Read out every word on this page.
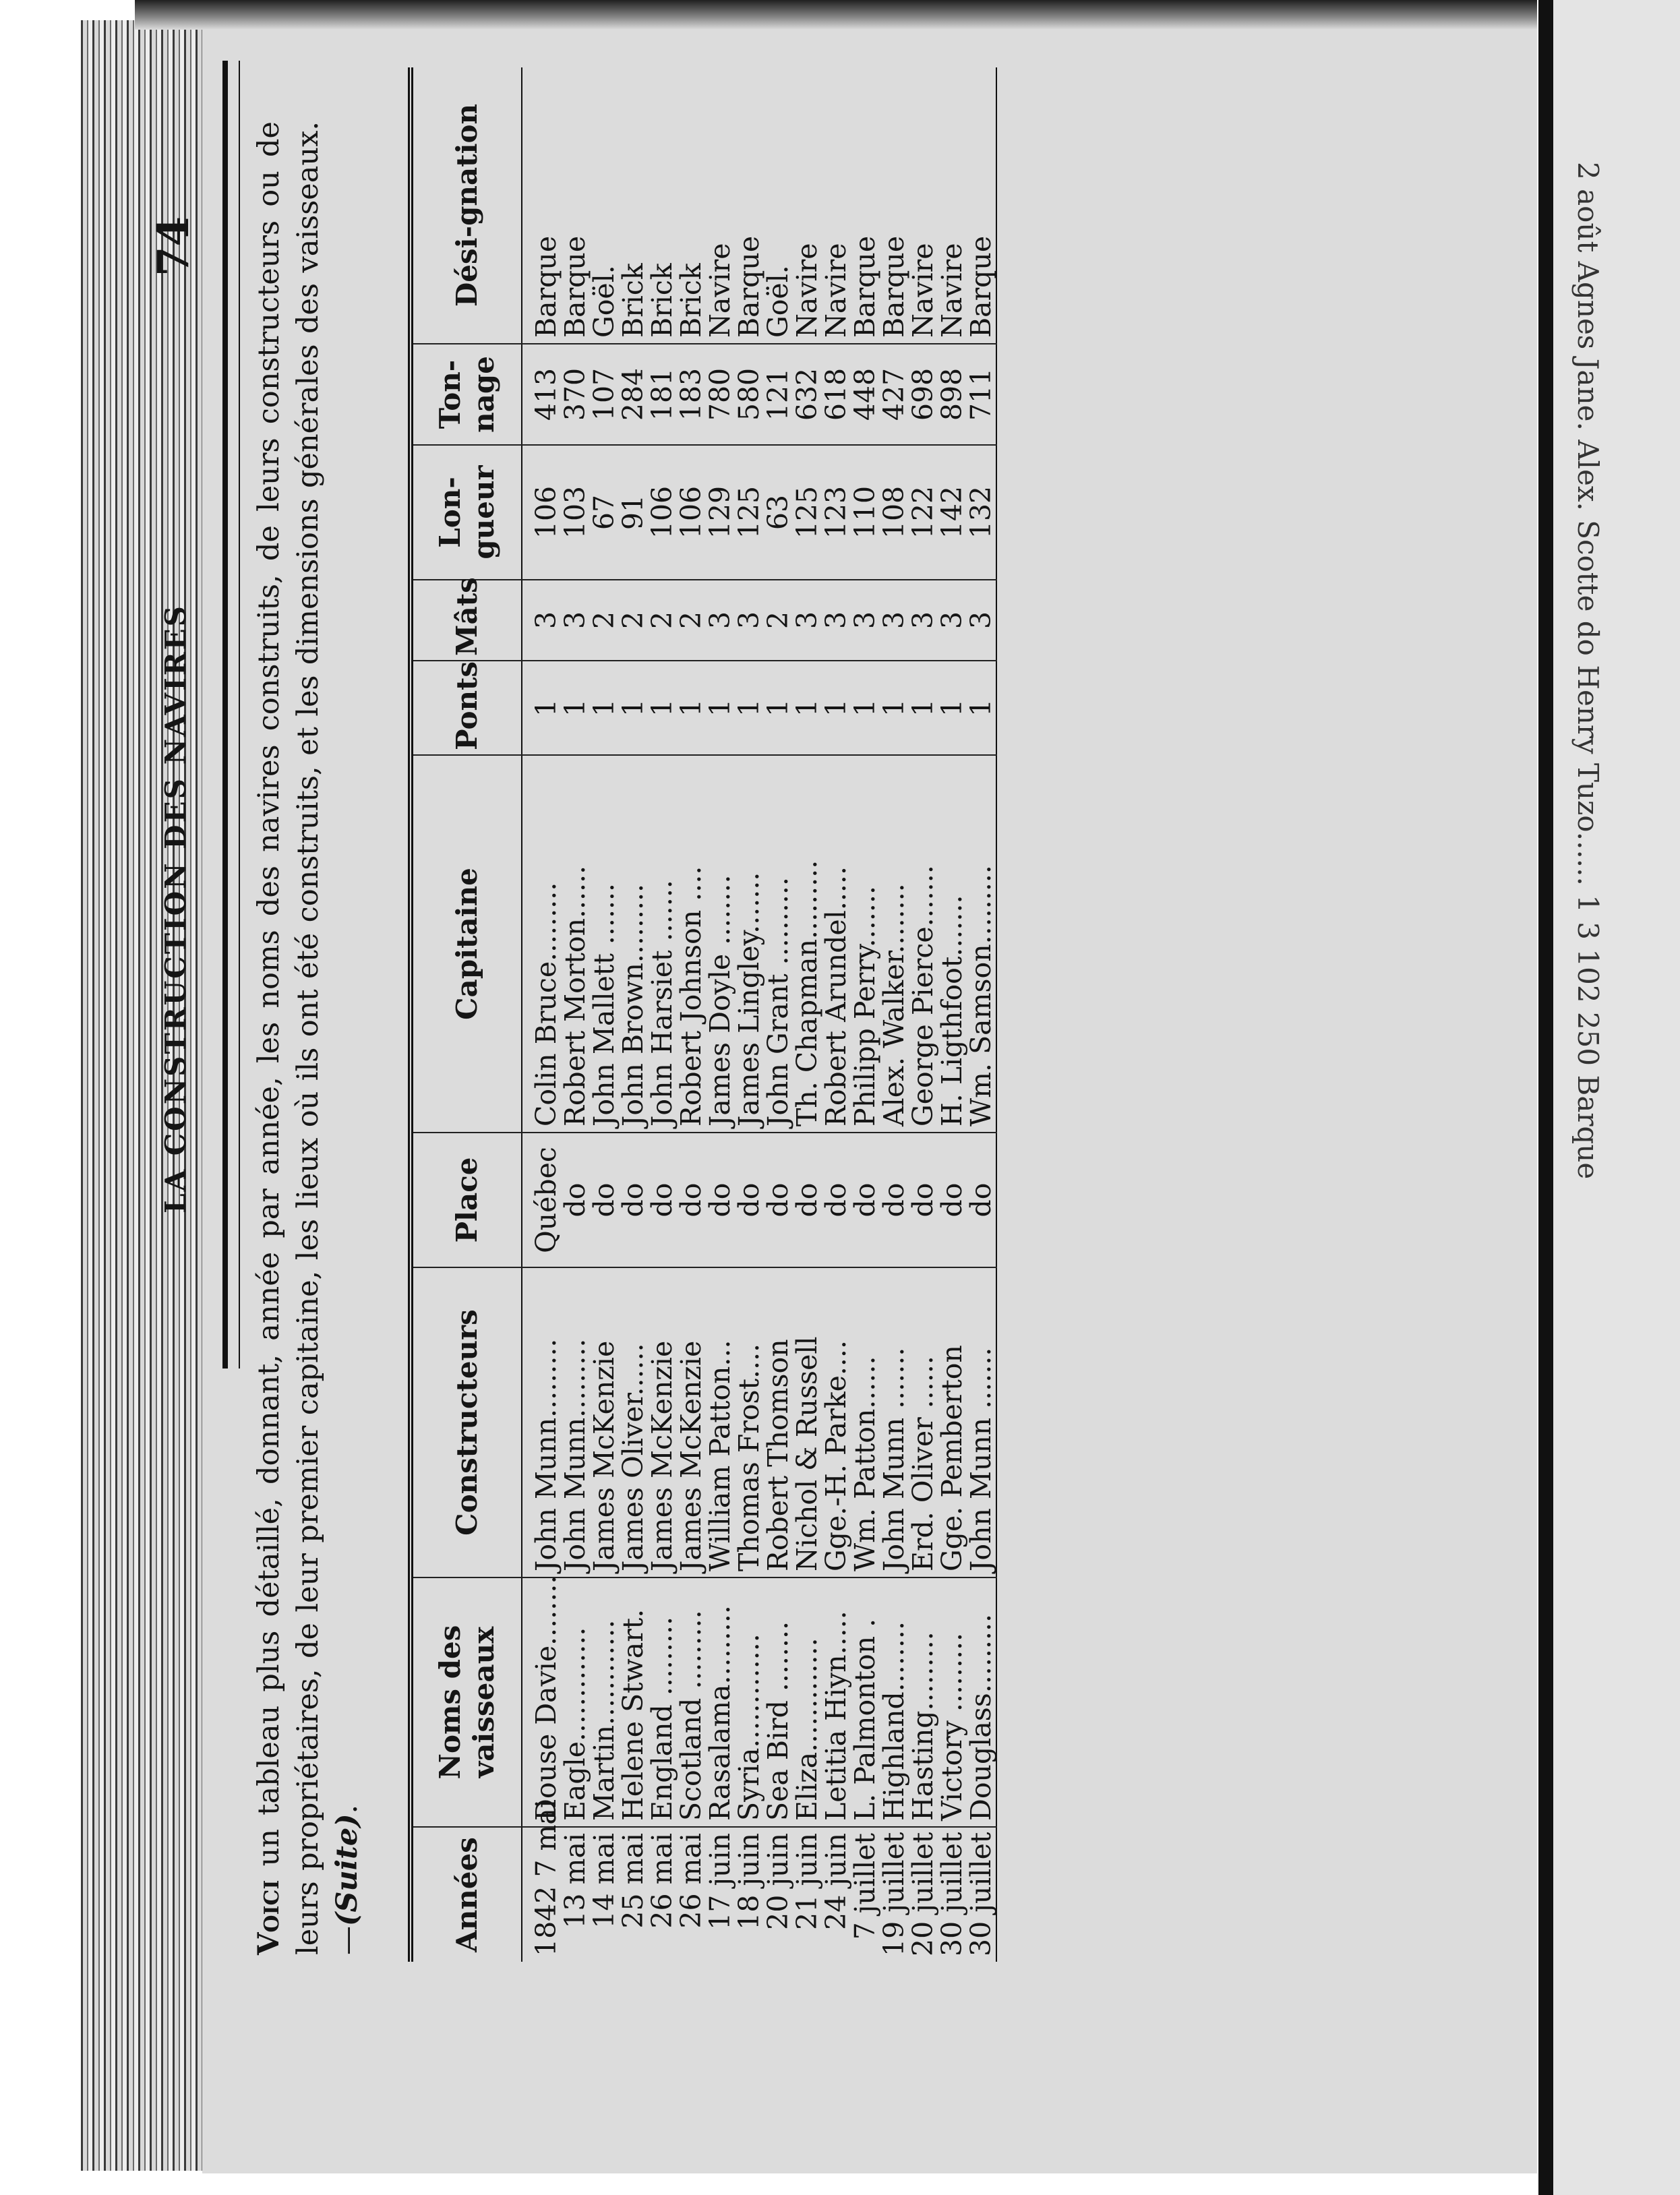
74
LA CONSTRUCTION DES NAVIRES

Voici un tableau plus détaillé, donnant, année par année, les noms des navires construits, de leurs constructeurs ou de leurs propriétaires, de leur premier capitaine, les lieux où ils ont été construits, et les dimensions générales des vaisseaux.—(Suite).

Années	Noms des vaisseaux	Constructeurs	Place	Capitaine	Ponts	Mâts	Lon-gueur	Ton-nage	Dési-gnation
1842 7 mai	Douse Davie........	John Munn.........	Québec	Colin Bruce.........	1	3	106	413	Barque
13 mai	Eagle.............	John Munn.........	do	Robert Morton......	1	3	103	370	Barque
14 mai	Martin............	James McKenzie	do	John Mallett .......	1	2	67	107	Goël.
25 mai	Helene Stwart.	James Oliver......	do	John Brown.........	1	2	91	284	Brick
26 mai	England .........	James McKenzie	do	John Harsiet .......	1	2	106	181	Brick
26 mai	Scotland .........	James McKenzie	do	Robert Johnson ....	1	2	106	183	Brick
17 juin	Rasalama.........	William Patton...	do	James Doyle ........	1	3	129	780	Navire
18 juin	Syria.............	Thomas Frost....	do	James Lingley.......	1	3	125	580	Barque
20 juin	Sea Bird ........	Robert Thomson	do	John Grant ..........	1	2	63	121	Goël.
21 juin	Eliza.............	Nichol & Russell	do	Th. Chapman.........	1	3	125	632	Navire
24 juin	Letitia Hiyn.....	Gge.-H. Parke....	do	Robert Arundel.....	1	3	123	618	Navire
7 juillet	L. Palmonton .	Wm. Patton......	do	Philipp Perry.......	1	3	110	448	Barque
19 juillet	Highland........	John Munn .......	do	Alex. Walker........	1	3	108	427	Barque
20 juillet	Hasting.........	Erd. Oliver ......	do	George Pierce.......	1	3	122	698	Navire
30 juillet	Victory .........	Gge. Pemberton	do	H. Ligthfoot.......	1	3	142	898	Navire
30 juillet	Douglass.........	John Munn .......	do	Wm. Samson.........	1	3	132	711	Barque
2 août Agnes Jane. Alex. Scotte do Henry Tuzo...... 1 3 102 250 Barque
